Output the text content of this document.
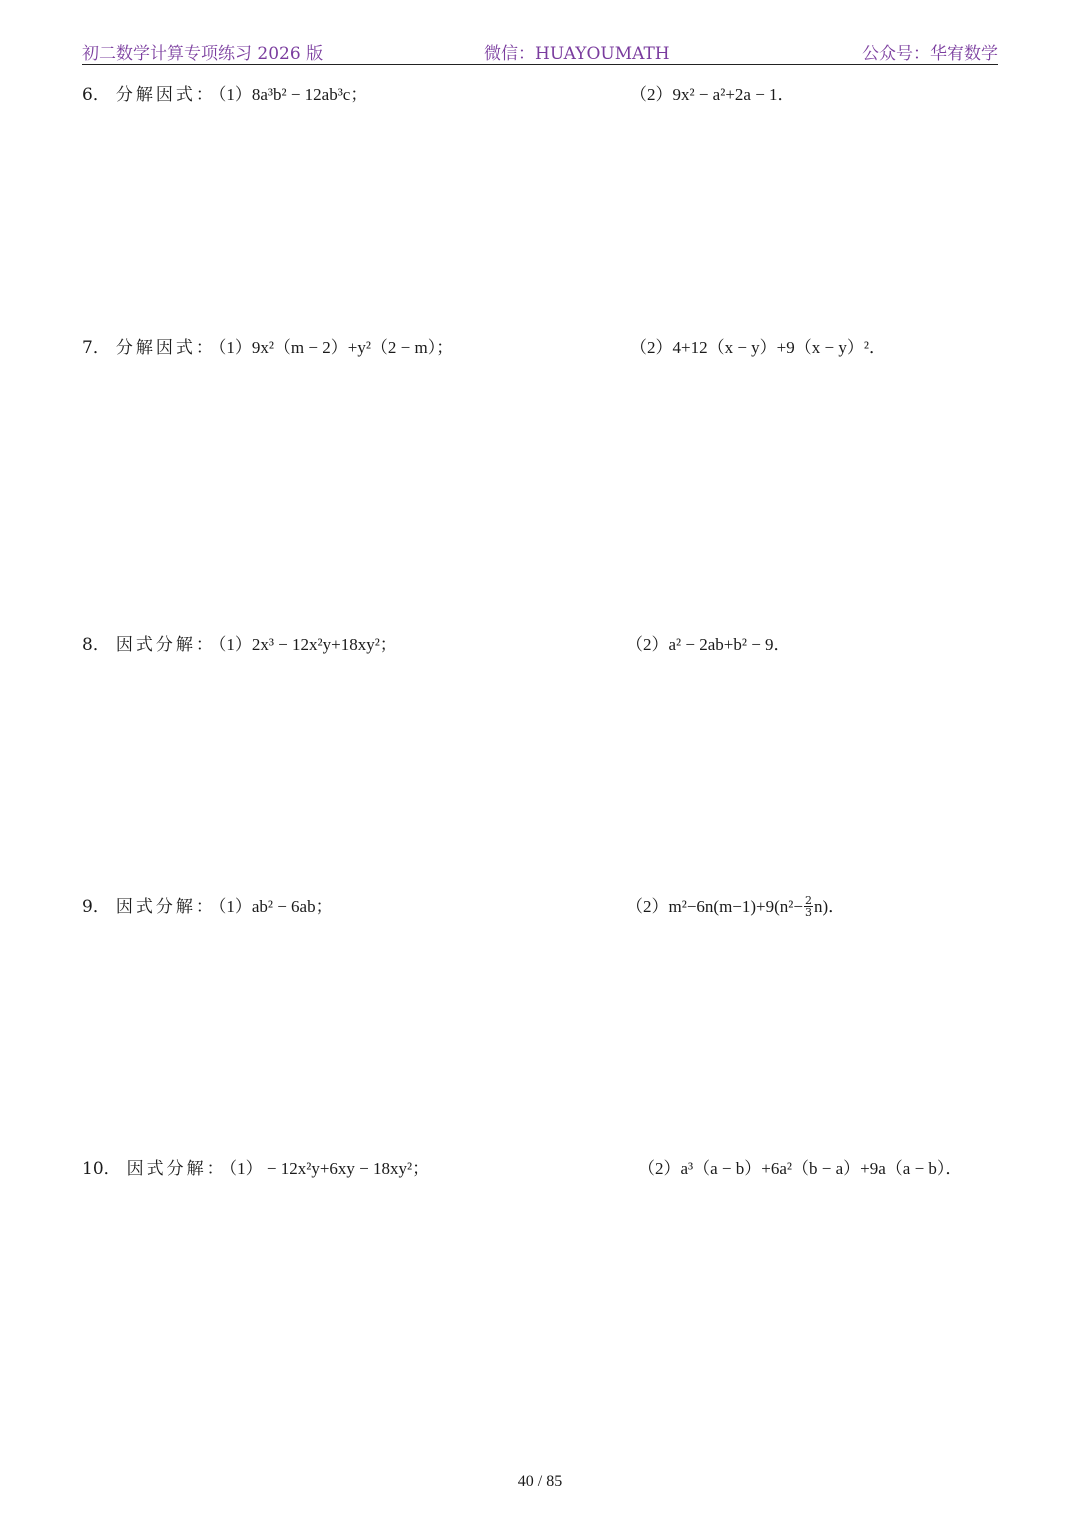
初二数学计算专项练习 2026 版	微信：HUAYOUMATH	公众号：华宥数学
6． 分解因式： （1）8a³b² − 12ab³c；	（2）9x² − a²+2a − 1．
7． 分解因式： （1）9x²（m − 2）+y²（2 − m）；	（2）4+12（x − y）+9（x − y）²．
8． 因式分解： （1）2x³ − 12x²y+18xy²；	（2）a² − 2ab+b² − 9．
9． 因式分解： （1）ab² − 6ab；	$(2)m^2-6n(m-1)+9(n^2- \frac{2}{3} n)$．
10． 因式分解： （1） − 12x²y+6xy − 18xy²；	（2）a³（a − b）+6a²（b − a）+9a（a − b）．
40 / 85
